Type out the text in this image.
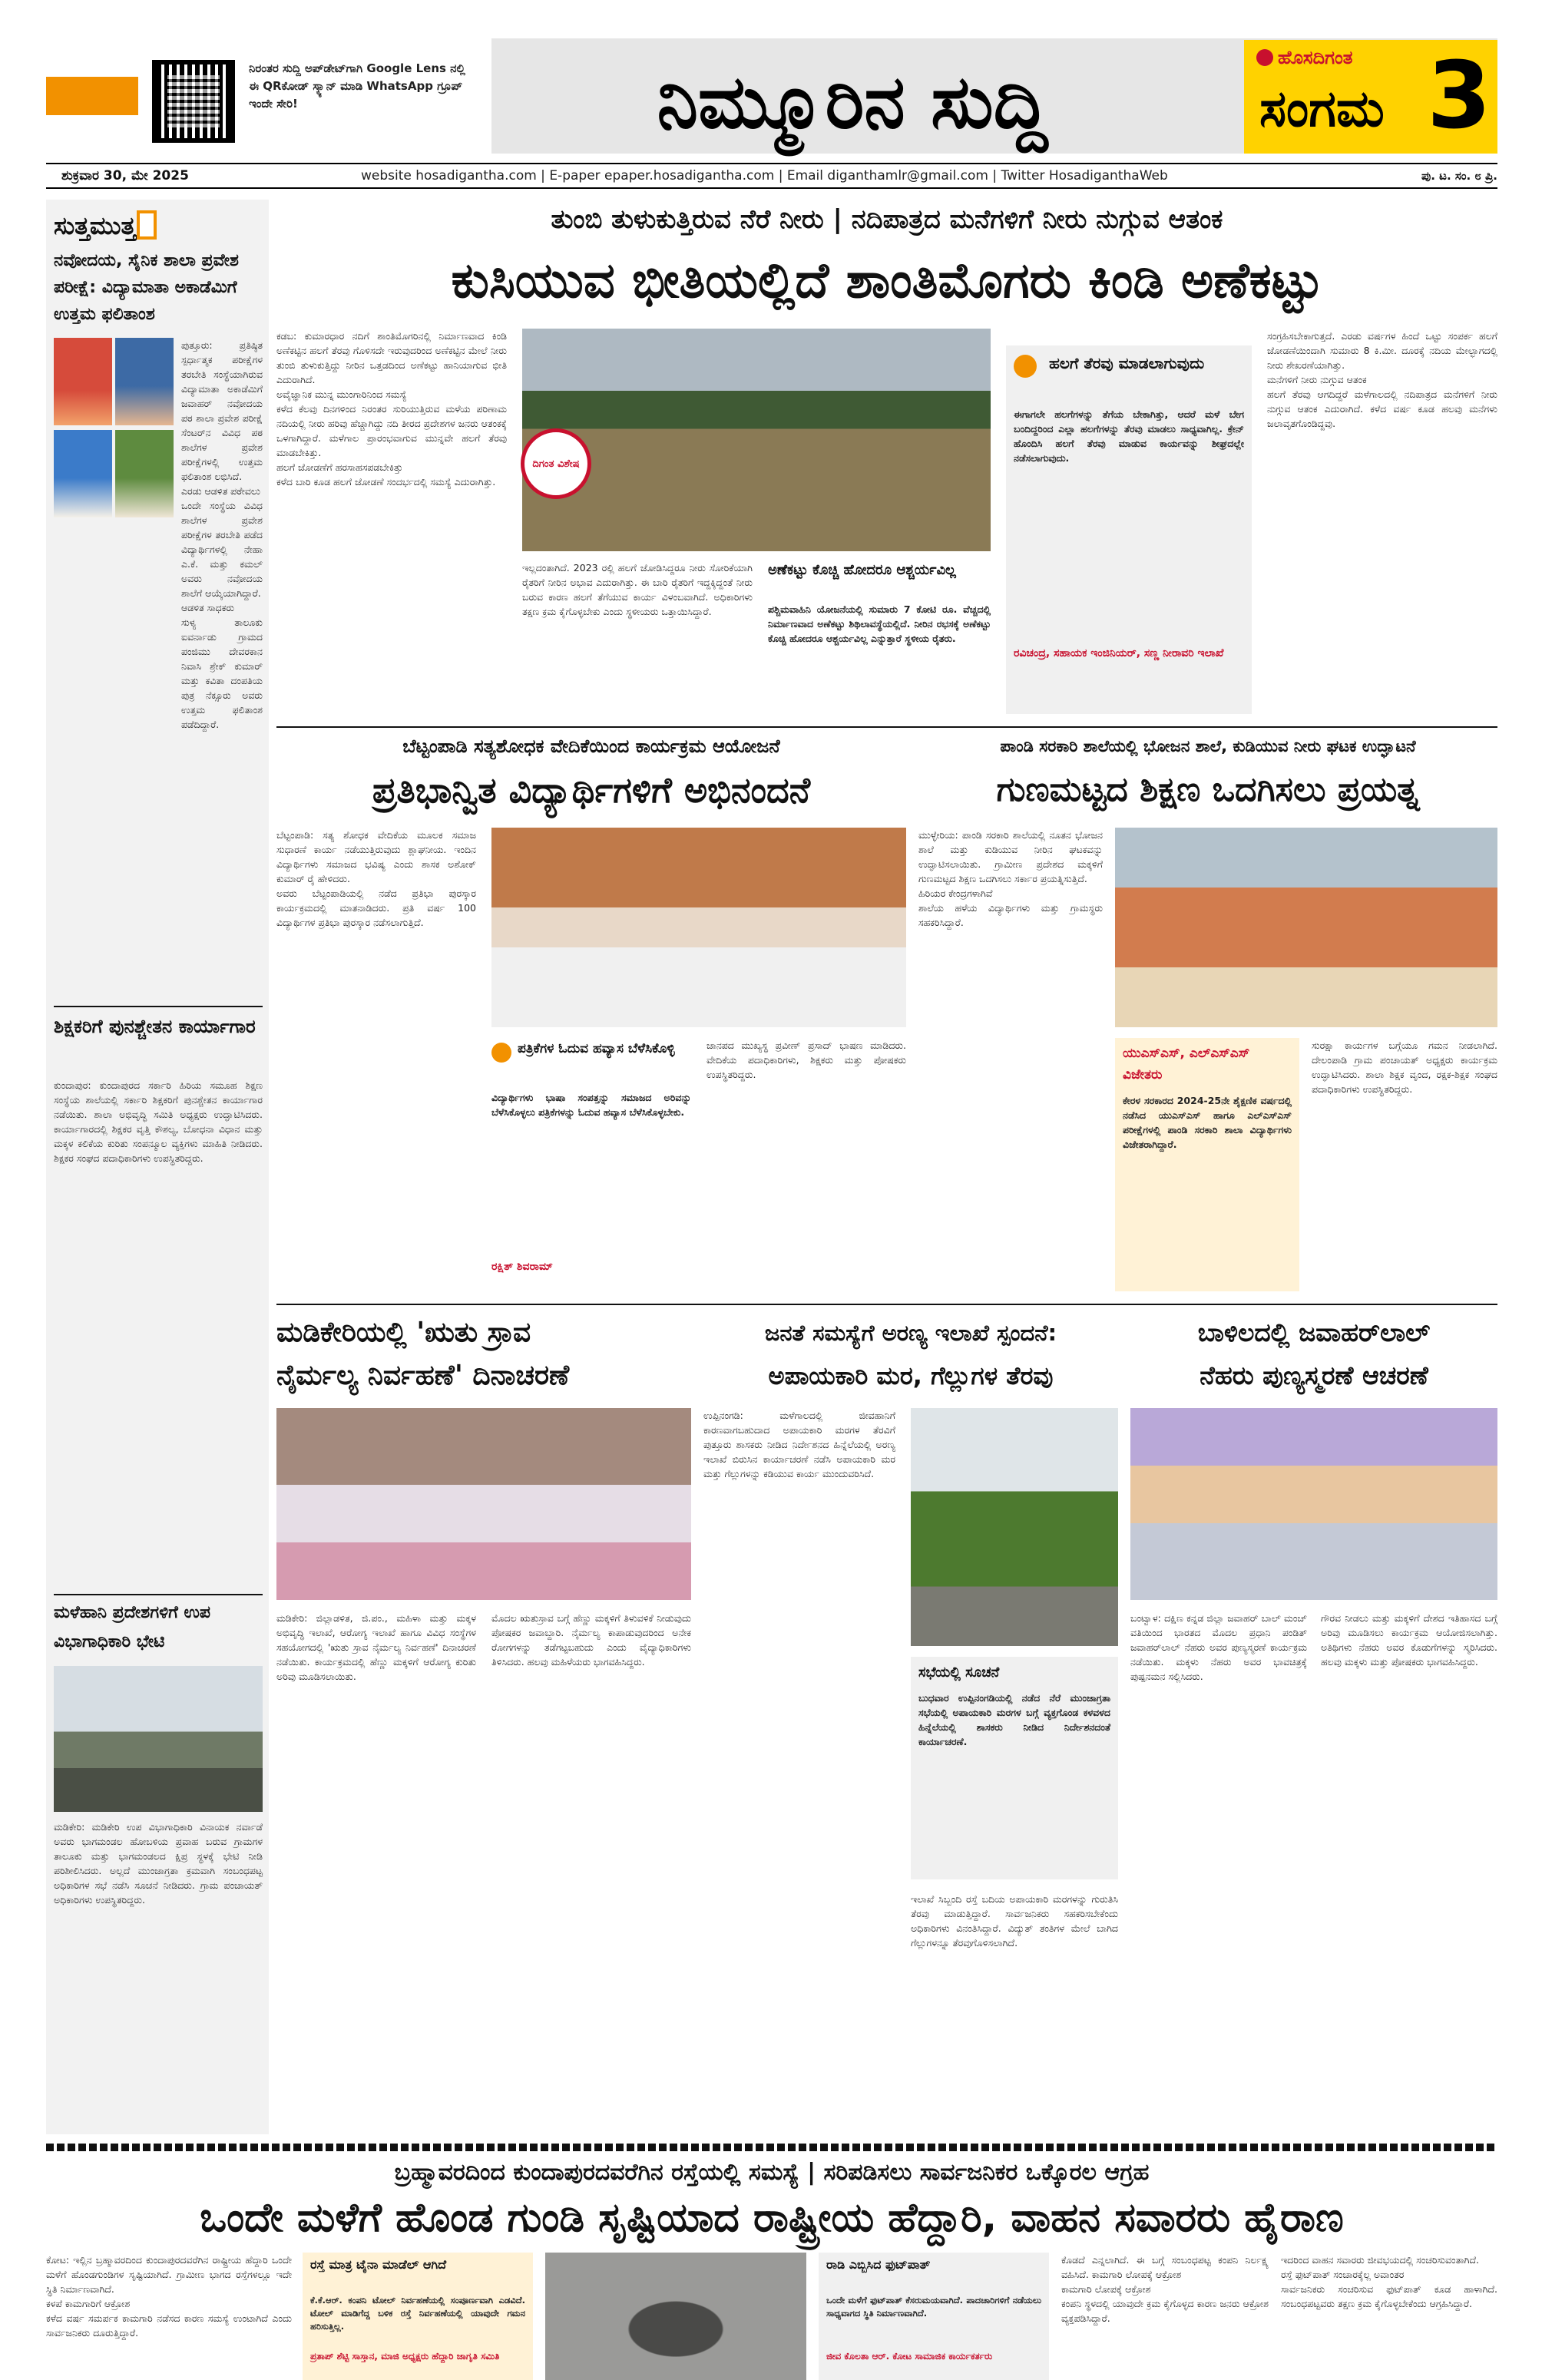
ನಿರಂತರ ಸುದ್ದಿ ಅಪ್‌ಡೇಟ್‌ಗಾಗಿ Google Lens ನಲ್ಲಿ ಈ QRಕೋಡ್ ಸ್ಕ್ಯಾನ್ ಮಾಡಿ WhatsApp ಗ್ರೂಪ್ ಇಂದೇ ಸೇರಿ!	ನಿಮ್ಮೂರಿನ ಸುದ್ದಿ
ಹೊಸದಿಗಂತ
ಸಂಗಮ 3
ಶುಕ್ರವಾರ 30, ಮೇ 2025	website hosadigantha.com | E-paper epaper.hosadigantha.com | Email diganthamlr@gmail.com | Twitter HosadiganthaWeb	ಪು. ಟ. ಸಂ. ೮ ಪ್ರಿ.
ಸುತ್ತಮುತ್ತ
ನವೋದಯ, ಸೈನಿಕ ಶಾಲಾ ಪ್ರವೇಶ ಪರೀಕ್ಷೆ: ವಿದ್ಯಾಮಾತಾ ಅಕಾಡೆಮಿಗೆ ಉತ್ತಮ ಫಲಿತಾಂಶ
ಪುತ್ತೂರು: ಪ್ರತಿಷ್ಠಿತ ಸ್ಪರ್ಧಾತ್ಮಕ ಪರೀಕ್ಷೆಗಳ ತರಬೇತಿ ಸಂಸ್ಥೆಯಾಗಿರುವ ವಿದ್ಯಾಮಾತಾ ಅಕಾಡೆಮಿಗೆ ಜವಾಹರ್ ನವೋದಯ ಪಠ ಶಾಲಾ ಪ್ರವೇಶ ಪರೀಕ್ಷೆ ಸೆಂಟರ್‌ನ ವಿವಿಧ ಪಠ ಶಾಲೆಗಳ ಪ್ರವೇಶ ಪರೀಕ್ಷೆಗಳಲ್ಲಿ ಉತ್ತಮ ಫಲಿತಾಂಶ ಲಭಿಸಿದೆ.
ಎರಡು ಆಡಳಿತ ಪಠೇವಲು
ಒಂದೇ ಸಂಸ್ಥೆಯ ವಿವಿಧ ಶಾಲೆಗಳ ಪ್ರವೇಶ ಪರೀಕ್ಷೆಗಳ ತರಬೇತಿ ಪಡೆದ ವಿದ್ಯಾರ್ಥಿಗಳಲ್ಲಿ ನೇಹಾ ಎ.ಕೆ. ಮತ್ತು ಕಮಲ್ ಅವರು ನವೋದಯ ಶಾಲೆಗೆ ಆಯ್ಕೆಯಾಗಿದ್ದಾರೆ.
ಆಡಳಿತ ಸಾಧಕರು
ಸುಳ್ಯ ತಾಲೂಕು ಐವರ್ನಾಡು ಗ್ರಾಮದ ಪಂಜಿಮು ದೇವರಕಾನ ನಿವಾಸಿ ಶ್ರೇಕ್ ಕುಮಾರ್ ಮತ್ತು ಕವಿತಾ ದಂಪತಿಯ ಪುತ್ರ ನೆಕ್ಸೂರು ಅವರು ಉತ್ತಮ ಫಲಿತಾಂಶ ಪಡೆದಿದ್ದಾರೆ.
ಶಿಕ್ಷಕರಿಗೆ ಪುನಶ್ಚೇತನ ಕಾರ್ಯಾಗಾರ
ಕುಂದಾಪುರ: ಕುಂದಾಪುರದ ಸರ್ಕಾರಿ ಹಿರಿಯ ಸಮೂಹ ಶಿಕ್ಷಣ ಸಂಸ್ಥೆಯ ಶಾಲೆಯಲ್ಲಿ ಸರ್ಕಾರಿ ಶಿಕ್ಷಕರಿಗೆ ಪುನಶ್ಚೇತನ ಕಾರ್ಯಾಗಾರ ನಡೆಯಿತು. ಶಾಲಾ ಅಭಿವೃದ್ಧಿ ಸಮಿತಿ ಅಧ್ಯಕ್ಷರು ಉದ್ಘಾಟಿಸಿದರು. ಕಾರ್ಯಾಗಾರದಲ್ಲಿ ಶಿಕ್ಷಕರ ವೃತ್ತಿ ಕೌಶಲ್ಯ, ಬೋಧನಾ ವಿಧಾನ ಮತ್ತು ಮಕ್ಕಳ ಕಲಿಕೆಯ ಕುರಿತು ಸಂಪನ್ಮೂಲ ವ್ಯಕ್ತಿಗಳು ಮಾಹಿತಿ ನೀಡಿದರು. ಶಿಕ್ಷಕರ ಸಂಘದ ಪದಾಧಿಕಾರಿಗಳು ಉಪಸ್ಥಿತರಿದ್ದರು.
ಮಳೆಹಾನಿ ಪ್ರದೇಶಗಳಿಗೆ ಉಪ ವಿಭಾಗಾಧಿಕಾರಿ ಭೇಟಿ
ಮಡಿಕೇರಿ: ಮಡಿಕೇರಿ ಉಪ ವಿಭಾಗಾಧಿಕಾರಿ ವಿನಾಯಕ ನರ್ವಾಡೆ ಅವರು ಭಾಗಮಂಡಲ ಹೋಬಳಿಯ ಪ್ರವಾಹ ಬರುವ ಗ್ರಾಮಗಳ ತಾಲೂಕು ಮತ್ತು ಭಾಗಮಂಡಲದ ಕ್ಷಿಪ್ರ ಸ್ಥಳಕ್ಕೆ ಭೇಟಿ ನೀಡಿ ಪರಿಶೀಲಿಸಿದರು. ಅಲ್ಲದೆ ಮುಂಜಾಗ್ರತಾ ಕ್ರಮವಾಗಿ ಸಂಬಂಧಪಟ್ಟ ಅಧಿಕಾರಿಗಳ ಸಭೆ ನಡೆಸಿ ಸೂಚನೆ ನೀಡಿದರು. ಗ್ರಾಮ ಪಂಚಾಯತ್ ಅಧಿಕಾರಿಗಳು ಉಪಸ್ಥಿತರಿದ್ದರು.
ತುಂಬಿ ತುಳುಕುತ್ತಿರುವ ನೆರೆ ನೀರು | ನದಿಪಾತ್ರದ ಮನೆಗಳಿಗೆ ನೀರು ನುಗ್ಗುವ ಆತಂಕ
ಕುಸಿಯುವ ಭೀತಿಯಲ್ಲಿದೆ ಶಾಂತಿಮೊಗರು ಕಿಂಡಿ ಅಣೆಕಟ್ಟು
ಕಡಬ: ಕುಮಾರಧಾರ ನದಿಗೆ ಶಾಂತಿಮೊಗರಿನಲ್ಲಿ ನಿರ್ಮಾಣವಾದ ಕಿಂಡಿ ಅಣೆಕಟ್ಟಿನ ಹಲಗೆ ತೆರವು ಗೊಳಿಸದೇ ಇರುವುದರಿಂದ ಅಣೆಕಟ್ಟಿನ ಮೇಲೆ ನೀರು ತುಂಬಿ ತುಳುಕುತ್ತಿದ್ದು ನೀರಿನ ಒತ್ತಡದಿಂದ ಅಣೆಕಟ್ಟು ಹಾನಿಯಾಗುವ ಭೀತಿ ಎದುರಾಗಿದೆ.
ಅವೈಜ್ಞಾನಿಕ ಮುನ್ನ ಮುಂಗಾರಿನಿಂದ ಸಮಸ್ಯೆ
ಕಳೆದ ಕೆಲವು ದಿನಗಳಿಂದ ನಿರಂತರ ಸುರಿಯುತ್ತಿರುವ ಮಳೆಯ ಪರಿಣಾಮ ನದಿಯಲ್ಲಿ ನೀರು ಹರಿವು ಹೆಚ್ಚಾಗಿದ್ದು ನದಿ ತೀರದ ಪ್ರದೇಶಗಳ ಜನರು ಆತಂಕಕ್ಕೆ ಒಳಗಾಗಿದ್ದಾರೆ. ಮಳೆಗಾಲ ಪ್ರಾರಂಭವಾಗುವ ಮುನ್ನವೇ ಹಲಗೆ ತೆರವು ಮಾಡಬೇಕಿತ್ತು.
ಹಲಗೆ ಜೋಡಣೆಗೆ ಹರಸಾಹಸಪಡಬೇಕಿತ್ತು
ಕಳೆದ ಬಾರಿ ಕೂಡ ಹಲಗೆ ಜೋಡಣೆ ಸಂದರ್ಭದಲ್ಲಿ ಸಮಸ್ಯೆ ಎದುರಾಗಿತ್ತು.
ದಿಗಂತ ವಿಶೇಷ
ಇಲ್ಲದಂತಾಗಿದೆ. 2023 ರಲ್ಲಿ ಹಲಗೆ ಜೋಡಿಸಿದ್ದರೂ ನೀರು ಸೋರಿಕೆಯಾಗಿ ರೈತರಿಗೆ ನೀರಿನ ಅಭಾವ ಎದುರಾಗಿತ್ತು. ಈ ಬಾರಿ ರೈತರಿಗೆ ಇದ್ದಕ್ಕಿದ್ದಂತೆ ನೀರು ಬರುವ ಕಾರಣ ಹಲಗೆ ತೆಗೆಯುವ ಕಾರ್ಯ ವಿಳಂಬವಾಗಿದೆ. ಅಧಿಕಾರಿಗಳು ತಕ್ಷಣ ಕ್ರಮ ಕೈಗೊಳ್ಳಬೇಕು ಎಂದು ಸ್ಥಳೀಯರು ಒತ್ತಾಯಿಸಿದ್ದಾರೆ.
ಅಣೆಕಟ್ಟು ಕೊಚ್ಚಿ ಹೋದರೂ ಆಶ್ಚರ್ಯವಿಲ್ಲ
ಪಶ್ಚಿಮವಾಹಿನಿ ಯೋಜನೆಯಲ್ಲಿ ಸುಮಾರು 7 ಕೋಟಿ ರೂ. ವೆಚ್ಚದಲ್ಲಿ ನಿರ್ಮಾಣವಾದ ಅಣೆಕಟ್ಟು ಶಿಥಿಲಾವಸ್ಥೆಯಲ್ಲಿದೆ. ನೀರಿನ ರಭಸಕ್ಕೆ ಅಣೆಕಟ್ಟು ಕೊಚ್ಚಿ ಹೋದರೂ ಆಶ್ಚರ್ಯವಿಲ್ಲ ಎನ್ನುತ್ತಾರೆ ಸ್ಥಳೀಯ ರೈತರು.
ಹಲಗೆ ತೆರವು ಮಾಡಲಾಗುವುದು
ಈಗಾಗಲೇ ಹಲಗೆಗಳನ್ನು ತೆಗೆಯ ಬೇಕಾಗಿತ್ತು, ಆದರೆ ಮಳೆ ಬೇಗ ಬಂದಿದ್ದರಿಂದ ಎಲ್ಲಾ ಹಲಗೆಗಳನ್ನು ತೆರವು ಮಾಡಲು ಸಾಧ್ಯವಾಗಿಲ್ಲ. ಕ್ರೇನ್ ಹೊಂದಿಸಿ ಹಲಗೆ ತೆರವು ಮಾಡುವ ಕಾರ್ಯವನ್ನು ಶೀಘ್ರದಲ್ಲೇ ನಡೆಸಲಾಗುವುದು.
ರವಿಚಂದ್ರ, ಸಹಾಯಕ ಇಂಜಿನಿಯರ್, ಸಣ್ಣ ನೀರಾವರಿ ಇಲಾಖೆ
ಸಂಗ್ರಹಿಸಬೇಕಾಗುತ್ತದೆ. ಎರಡು ವರ್ಷಗಳ ಹಿಂದೆ ಒಟ್ಟು ಸಂಪರ್ಕ ಹಲಗೆ ಜೋಡಣೆಯಿಂದಾಗಿ ಸುಮಾರು 8 ಕಿ.ಮೀ. ದೂರಕ್ಕೆ ನದಿಯ ಮೇಲ್ಭಾಗದಲ್ಲಿ ನೀರು ಶೇಖರಣೆಯಾಗಿತ್ತು.
ಮನೆಗಳಿಗೆ ನೀರು ನುಗ್ಗುವ ಆತಂಕ
ಹಲಗೆ ತೆರವು ಆಗದಿದ್ದರೆ ಮಳೆಗಾಲದಲ್ಲಿ ನದಿಪಾತ್ರದ ಮನೆಗಳಿಗೆ ನೀರು ನುಗ್ಗುವ ಆತಂಕ ಎದುರಾಗಿದೆ. ಕಳೆದ ವರ್ಷ ಕೂಡ ಹಲವು ಮನೆಗಳು ಜಲಾವೃತಗೊಂಡಿದ್ದವು.
ಬೆಟ್ಟಂಪಾಡಿ ಸತ್ಯಶೋಧಕ ವೇದಿಕೆಯಿಂದ ಕಾರ್ಯಕ್ರಮ ಆಯೋಜನೆ
ಪ್ರತಿಭಾನ್ವಿತ ವಿದ್ಯಾರ್ಥಿಗಳಿಗೆ ಅಭಿನಂದನೆ
ಬೆಟ್ಟಂಪಾಡಿ: ಸತ್ಯ ಶೋಧಕ ವೇದಿಕೆಯ ಮೂಲಕ ಸಮಾಜ ಸುಧಾರಣೆ ಕಾರ್ಯ ನಡೆಯುತ್ತಿರುವುದು ಶ್ಲಾಘನೀಯ. ಇಂದಿನ ವಿದ್ಯಾರ್ಥಿಗಳು ಸಮಾಜದ ಭವಿಷ್ಯ ಎಂದು ಶಾಸಕ ಅಶೋಕ್ ಕುಮಾರ್ ರೈ ಹೇಳಿದರು.
ಅವರು ಬೆಟ್ಟಂಪಾಡಿಯಲ್ಲಿ ನಡೆದ ಪ್ರತಿಭಾ ಪುರಸ್ಕಾರ ಕಾರ್ಯಕ್ರಮದಲ್ಲಿ ಮಾತನಾಡಿದರು. ಪ್ರತಿ ವರ್ಷ 100 ವಿದ್ಯಾರ್ಥಿಗಳ ಪ್ರತಿಭಾ ಪುರಸ್ಕಾರ ನಡೆಸಲಾಗುತ್ತಿದೆ.
ಪತ್ರಿಕೆಗಳ ಓದುವ ಹವ್ಯಾಸ ಬೆಳೆಸಿಕೊಳ್ಳಿ
ವಿದ್ಯಾರ್ಥಿಗಳು ಭಾಷಾ ಸಂಪತ್ತನ್ನು ಸಮಾಜದ ಅರಿವನ್ನು ಬೆಳೆಸಿಕೊಳ್ಳಲು ಪತ್ರಿಕೆಗಳನ್ನು ಓದುವ ಹವ್ಯಾಸ ಬೆಳೆಸಿಕೊಳ್ಳಬೇಕು.
ರಕ್ಷಿತ್ ಶಿವರಾಮ್
ಜಾನಪದ ಮುಖ್ಯಸ್ಥ ಪ್ರವೀಣ್ ಪ್ರಸಾದ್ ಭಾಷಣ ಮಾಡಿದರು. ವೇದಿಕೆಯ ಪದಾಧಿಕಾರಿಗಳು, ಶಿಕ್ಷಕರು ಮತ್ತು ಪೋಷಕರು ಉಪಸ್ಥಿತರಿದ್ದರು.
ಪಾಂಡಿ ಸರಕಾರಿ ಶಾಲೆಯಲ್ಲಿ ಭೋಜನ ಶಾಲೆ, ಕುಡಿಯುವ ನೀರು ಘಟಕ ಉದ್ಘಾಟನೆ
ಗುಣಮಟ್ಟದ ಶಿಕ್ಷಣ ಒದಗಿಸಲು ಪ್ರಯತ್ನ
ಮುಳ್ಳೇರಿಯ: ಪಾಂಡಿ ಸರಕಾರಿ ಶಾಲೆಯಲ್ಲಿ ನೂತನ ಭೋಜನ ಶಾಲೆ ಮತ್ತು ಕುಡಿಯುವ ನೀರಿನ ಘಟಕವನ್ನು ಉದ್ಘಾಟಿಸಲಾಯಿತು. ಗ್ರಾಮೀಣ ಪ್ರದೇಶದ ಮಕ್ಕಳಿಗೆ ಗುಣಮಟ್ಟದ ಶಿಕ್ಷಣ ಒದಗಿಸಲು ಸರ್ಕಾರ ಪ್ರಯತ್ನಿಸುತ್ತಿದೆ.
ಹಿರಿಯರ ಕೇಂದ್ರಗಳಾಗಿವೆ
ಶಾಲೆಯ ಹಳೆಯ ವಿದ್ಯಾರ್ಥಿಗಳು ಮತ್ತು ಗ್ರಾಮಸ್ಥರು ಸಹಕರಿಸಿದ್ದಾರೆ.
ಯುಎಸ್‌ಎಸ್, ಎಲ್‌ಎಸ್‌ಎಸ್ ವಿಜೇತರು
ಕೇರಳ ಸರಕಾರದ 2024-25ನೇ ಶೈಕ್ಷಣಿಕ ವರ್ಷದಲ್ಲಿ ನಡೆಸಿದ ಯುಎಸ್‌ಎಸ್ ಹಾಗೂ ಎಲ್‌ಎಸ್‌ಎಸ್ ಪರೀಕ್ಷೆಗಳಲ್ಲಿ ಪಾಂಡಿ ಸರಕಾರಿ ಶಾಲಾ ವಿದ್ಯಾರ್ಥಿಗಳು ವಿಜೇತರಾಗಿದ್ದಾರೆ.
ಸುರಕ್ಷಾ ಕಾರ್ಯಗಳ ಬಗ್ಗೆಯೂ ಗಮನ ನೀಡಲಾಗಿದೆ. ದೇಲಂಪಾಡಿ ಗ್ರಾಮ ಪಂಚಾಯತ್ ಅಧ್ಯಕ್ಷರು ಕಾರ್ಯಕ್ರಮ ಉದ್ಘಾಟಿಸಿದರು. ಶಾಲಾ ಶಿಕ್ಷಕ ವೃಂದ, ರಕ್ಷಕ-ಶಿಕ್ಷಕ ಸಂಘದ ಪದಾಧಿಕಾರಿಗಳು ಉಪಸ್ಥಿತರಿದ್ದರು.
ಮಡಿಕೇರಿಯಲ್ಲಿ 'ಋತು ಸ್ರಾವ
ನೈರ್ಮಲ್ಯ ನಿರ್ವಹಣೆ' ದಿನಾಚರಣೆ
ಮಡಿಕೇರಿ: ಜಿಲ್ಲಾಡಳಿತ, ಜಿ.ಪಂ., ಮಹಿಳಾ ಮತ್ತು ಮಕ್ಕಳ ಅಭಿವೃದ್ಧಿ ಇಲಾಖೆ, ಆರೋಗ್ಯ ಇಲಾಖೆ ಹಾಗೂ ವಿವಿಧ ಸಂಸ್ಥೆಗಳ ಸಹಯೋಗದಲ್ಲಿ 'ಋತು ಸ್ರಾವ ನೈರ್ಮಲ್ಯ ನಿರ್ವಹಣೆ' ದಿನಾಚರಣೆ ನಡೆಯಿತು. ಕಾರ್ಯಕ್ರಮದಲ್ಲಿ ಹೆಣ್ಣು ಮಕ್ಕಳಿಗೆ ಆರೋಗ್ಯ ಕುರಿತು ಅರಿವು ಮೂಡಿಸಲಾಯಿತು.
ಮೊದಲ ಋತುಸ್ರಾವ ಬಗ್ಗೆ ಹೆಣ್ಣು ಮಕ್ಕಳಿಗೆ ತಿಳುವಳಿಕೆ ನೀಡುವುದು ಪೋಷಕರ ಜವಾಬ್ದಾರಿ. ನೈರ್ಮಲ್ಯ ಕಾಪಾಡುವುದರಿಂದ ಅನೇಕ ರೋಗಗಳನ್ನು ತಡೆಗಟ್ಟಬಹುದು ಎಂದು ವೈದ್ಯಾಧಿಕಾರಿಗಳು ತಿಳಿಸಿದರು. ಹಲವು ಮಹಿಳೆಯರು ಭಾಗವಹಿಸಿದ್ದರು.
ಜನತೆ ಸಮಸ್ಯೆಗೆ ಅರಣ್ಯ ಇಲಾಖೆ ಸ್ಪಂದನೆ:
ಅಪಾಯಕಾರಿ ಮರ, ಗೆಲ್ಲುಗಳ ತೆರವು
ಉಪ್ಪಿನಂಗಡಿ: ಮಳೆಗಾಲದಲ್ಲಿ ಜೀವಹಾನಿಗೆ ಕಾರಣವಾಗಬಹುದಾದ ಅಪಾಯಕಾರಿ ಮರಗಳ ತೆರವಿಗೆ ಪುತ್ತೂರು ಶಾಸಕರು ನೀಡಿದ ನಿರ್ದೇಶನದ ಹಿನ್ನೆಲೆಯಲ್ಲಿ ಅರಣ್ಯ ಇಲಾಖೆ ಬಿರುಸಿನ ಕಾರ್ಯಾಚರಣೆ ನಡೆಸಿ ಅಪಾಯಕಾರಿ ಮರ ಮತ್ತು ಗೆಲ್ಲುಗಳನ್ನು ಕಡಿಯುವ ಕಾರ್ಯ ಮುಂದುವರಿಸಿದೆ.
ಸಭೆಯಲ್ಲಿ ಸೂಚನೆ
ಬುಧವಾರ ಉಪ್ಪಿನಂಗಡಿಯಲ್ಲಿ ನಡೆದ ನೆರೆ ಮುಂಜಾಗ್ರತಾ ಸಭೆಯಲ್ಲಿ ಅಪಾಯಕಾರಿ ಮರಗಳ ಬಗ್ಗೆ ವ್ಯಕ್ತಗೊಂಡ ಕಳವಳದ ಹಿನ್ನೆಲೆಯಲ್ಲಿ ಶಾಸಕರು ನೀಡಿದ ನಿರ್ದೇಶನದಂತೆ ಕಾರ್ಯಾಚರಣೆ.
ಇಲಾಖೆ ಸಿಬ್ಬಂದಿ ರಸ್ತೆ ಬದಿಯ ಅಪಾಯಕಾರಿ ಮರಗಳನ್ನು ಗುರುತಿಸಿ ತೆರವು ಮಾಡುತ್ತಿದ್ದಾರೆ. ಸಾರ್ವಜನಿಕರು ಸಹಕರಿಸಬೇಕೆಂದು ಅಧಿಕಾರಿಗಳು ವಿನಂತಿಸಿದ್ದಾರೆ. ವಿದ್ಯುತ್ ತಂತಿಗಳ ಮೇಲೆ ಬಾಗಿದ ಗೆಲ್ಲುಗಳನ್ನೂ ತೆರವುಗೊಳಿಸಲಾಗಿದೆ.
ಬಾಳಿಲದಲ್ಲಿ ಜವಾಹರ್‌ಲಾಲ್
ನೆಹರು ಪುಣ್ಯಸ್ಮರಣೆ ಆಚರಣೆ
ಬಂಟ್ವಾಳ: ದಕ್ಷಿಣ ಕನ್ನಡ ಜಿಲ್ಲಾ ಜವಾಹರ್ ಬಾಲ್ ಮಂಚ್ ವತಿಯಿಂದ ಭಾರತದ ಮೊದಲ ಪ್ರಧಾನಿ ಪಂಡಿತ್ ಜವಾಹರ್‌ಲಾಲ್ ನೆಹರು ಅವರ ಪುಣ್ಯಸ್ಮರಣೆ ಕಾರ್ಯಕ್ರಮ ನಡೆಯಿತು. ಮಕ್ಕಳು ನೆಹರು ಅವರ ಭಾವಚಿತ್ರಕ್ಕೆ ಪುಷ್ಪನಮನ ಸಲ್ಲಿಸಿದರು.
ಗೌರವ ನೀಡಲು ಮತ್ತು ಮಕ್ಕಳಿಗೆ ದೇಶದ ಇತಿಹಾಸದ ಬಗ್ಗೆ ಅರಿವು ಮೂಡಿಸಲು ಕಾರ್ಯಕ್ರಮ ಆಯೋಜಿಸಲಾಗಿತ್ತು. ಅತಿಥಿಗಳು ನೆಹರು ಅವರ ಕೊಡುಗೆಗಳನ್ನು ಸ್ಮರಿಸಿದರು. ಹಲವು ಮಕ್ಕಳು ಮತ್ತು ಪೋಷಕರು ಭಾಗವಹಿಸಿದ್ದರು.
ಬ್ರಹ್ಮಾವರದಿಂದ ಕುಂದಾಪುರದವರೆಗಿನ ರಸ್ತೆಯಲ್ಲಿ ಸಮಸ್ಯೆ | ಸರಿಪಡಿಸಲು ಸಾರ್ವಜನಿಕರ ಒಕ್ಕೊರಲ ಆಗ್ರಹ
ಒಂದೇ ಮಳೆಗೆ ಹೊಂಡ ಗುಂಡಿ ಸೃಷ್ಟಿಯಾದ ರಾಷ್ಟ್ರೀಯ ಹೆದ್ದಾರಿ, ವಾಹನ ಸವಾರರು ಹೈರಾಣ
ಕೋಟ: ಇಲ್ಲಿನ ಬ್ರಹ್ಮಾವರದಿಂದ ಕುಂದಾಪುರದವರೆಗಿನ ರಾಷ್ಟ್ರೀಯ ಹೆದ್ದಾರಿ ಒಂದೇ ಮಳೆಗೆ ಹೊಂಡಗುಂಡಿಗಳ ಸೃಷ್ಟಿಯಾಗಿದೆ. ಗ್ರಾಮೀಣ ಭಾಗದ ರಸ್ತೆಗಳಲ್ಲೂ ಇದೇ ಸ್ಥಿತಿ ನಿರ್ಮಾಣವಾಗಿದೆ.
ಕಳಪೆ ಕಾಮಗಾರಿಗೆ ಆಕ್ರೋಶ
ಕಳೆದ ವರ್ಷ ಸಮರ್ಪಕ ಕಾಮಗಾರಿ ನಡೆಸದ ಕಾರಣ ಸಮಸ್ಯೆ ಉಂಟಾಗಿದೆ ಎಂದು ಸಾರ್ವಜನಿಕರು ದೂರುತ್ತಿದ್ದಾರೆ.
ರಸ್ತೆ ಮಾತ್ರ ಟೈನಾ ಮಾಡೆಲ್ ಆಗಿದೆ
ಕೆ.ಕೆ.ಆರ್. ಕಂಪನಿ ಟೋಲ್ ನಿರ್ವಹಣೆಯಲ್ಲಿ ಸಂಪೂರ್ಣವಾಗಿ ಎಡವಿದೆ. ಟೋಲ್ ಮಾಡಿಗೆದ್ದ ಬಳಿಕ ರಸ್ತೆ ನಿರ್ವಹಣೆಯಲ್ಲಿ ಯಾವುದೇ ಗಮನ ಹರಿಸುತ್ತಿಲ್ಲ.
ಪ್ರತಾಪ್ ಶೆಟ್ಟಿ ಸಾಸ್ತಾನ, ಮಾಜಿ ಅಧ್ಯಕ್ಷರು ಹೆದ್ದಾರಿ ಜಾಗೃತಿ ಸಮಿತಿ
ರಾಡಿ ಎಬ್ಬಿಸಿದ ಫುಟ್‌ಪಾತ್
ಒಂದೇ ಮಳೆಗೆ ಫುಟ್‌ಪಾತ್ ಕೆಸರುಮಯವಾಗಿದೆ. ಪಾದಚಾರಿಗಳಿಗೆ ನಡೆಯಲು ಸಾಧ್ಯವಾಗದ ಸ್ಥಿತಿ ನಿರ್ಮಾಣವಾಗಿದೆ.
ಜೀವ ಕೊಲತಾ ಆರ್. ಕೋಟ ಸಾಮಾಜಿಕ ಕಾರ್ಯಕರ್ತರು
ಕೊಡದೆ ಎನ್ನಲಾಗಿದೆ. ಈ ಬಗ್ಗೆ ಸಂಬಂಧಪಟ್ಟ ಕಂಪನಿ ನಿರ್ಲಕ್ಷ್ಯ ವಹಿಸಿದೆ. ಕಾಮಗಾರಿ ಲೋಪಕ್ಕೆ ಆಕ್ರೋಶ
ಕಾಮಗಾರಿ ಲೋಪಕ್ಕೆ ಆಕ್ರೋಶ
ಕಂಪನಿ ಸ್ಥಳದಲ್ಲಿ ಯಾವುದೇ ಕ್ರಮ ಕೈಗೊಳ್ಳದ ಕಾರಣ ಜನರು ಆಕ್ರೋಶ ವ್ಯಕ್ತಪಡಿಸಿದ್ದಾರೆ.
ಇದರಿಂದ ವಾಹನ ಸವಾರರು ಜೀವಭಯದಲ್ಲಿ ಸಂಚರಿಸುವಂತಾಗಿದೆ.
ರಸ್ತೆ ಫುಟ್‌ಪಾತ್ ಸಂಚಾರಕ್ಕೆಲ್ಲ ಅವಾಂತರ
ಸಾರ್ವಜನಿಕರು ಸಂಚರಿಸುವ ಫುಟ್‌ಪಾತ್ ಕೂಡ ಹಾಳಾಗಿದೆ. ಸಂಬಂಧಪಟ್ಟವರು ತಕ್ಷಣ ಕ್ರಮ ಕೈಗೊಳ್ಳಬೇಕೆಂದು ಆಗ್ರಹಿಸಿದ್ದಾರೆ.
